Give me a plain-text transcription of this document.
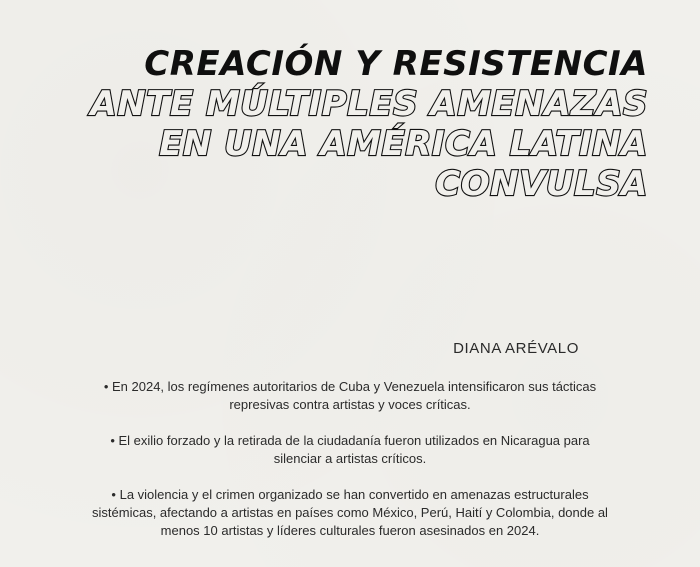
CREACIÓN Y RESISTENCIA
ANTE MÚLTIPLES AMENAZAS
EN UNA AMÉRICA LATINA
CONVULSA
DIANA ARÉVALO
• En 2024, los regímenes autoritarios de Cuba y Venezuela intensificaron sus tácticas
represivas contra artistas y voces críticas.
• El exilio forzado y la retirada de la ciudadanía fueron utilizados en Nicaragua para
silenciar a artistas críticos.
• La violencia y el crimen organizado se han convertido en amenazas estructurales
sistémicas, afectando a artistas en países como México, Perú, Haití y Colombia, donde al
menos 10 artistas y líderes culturales fueron asesinados en 2024.
